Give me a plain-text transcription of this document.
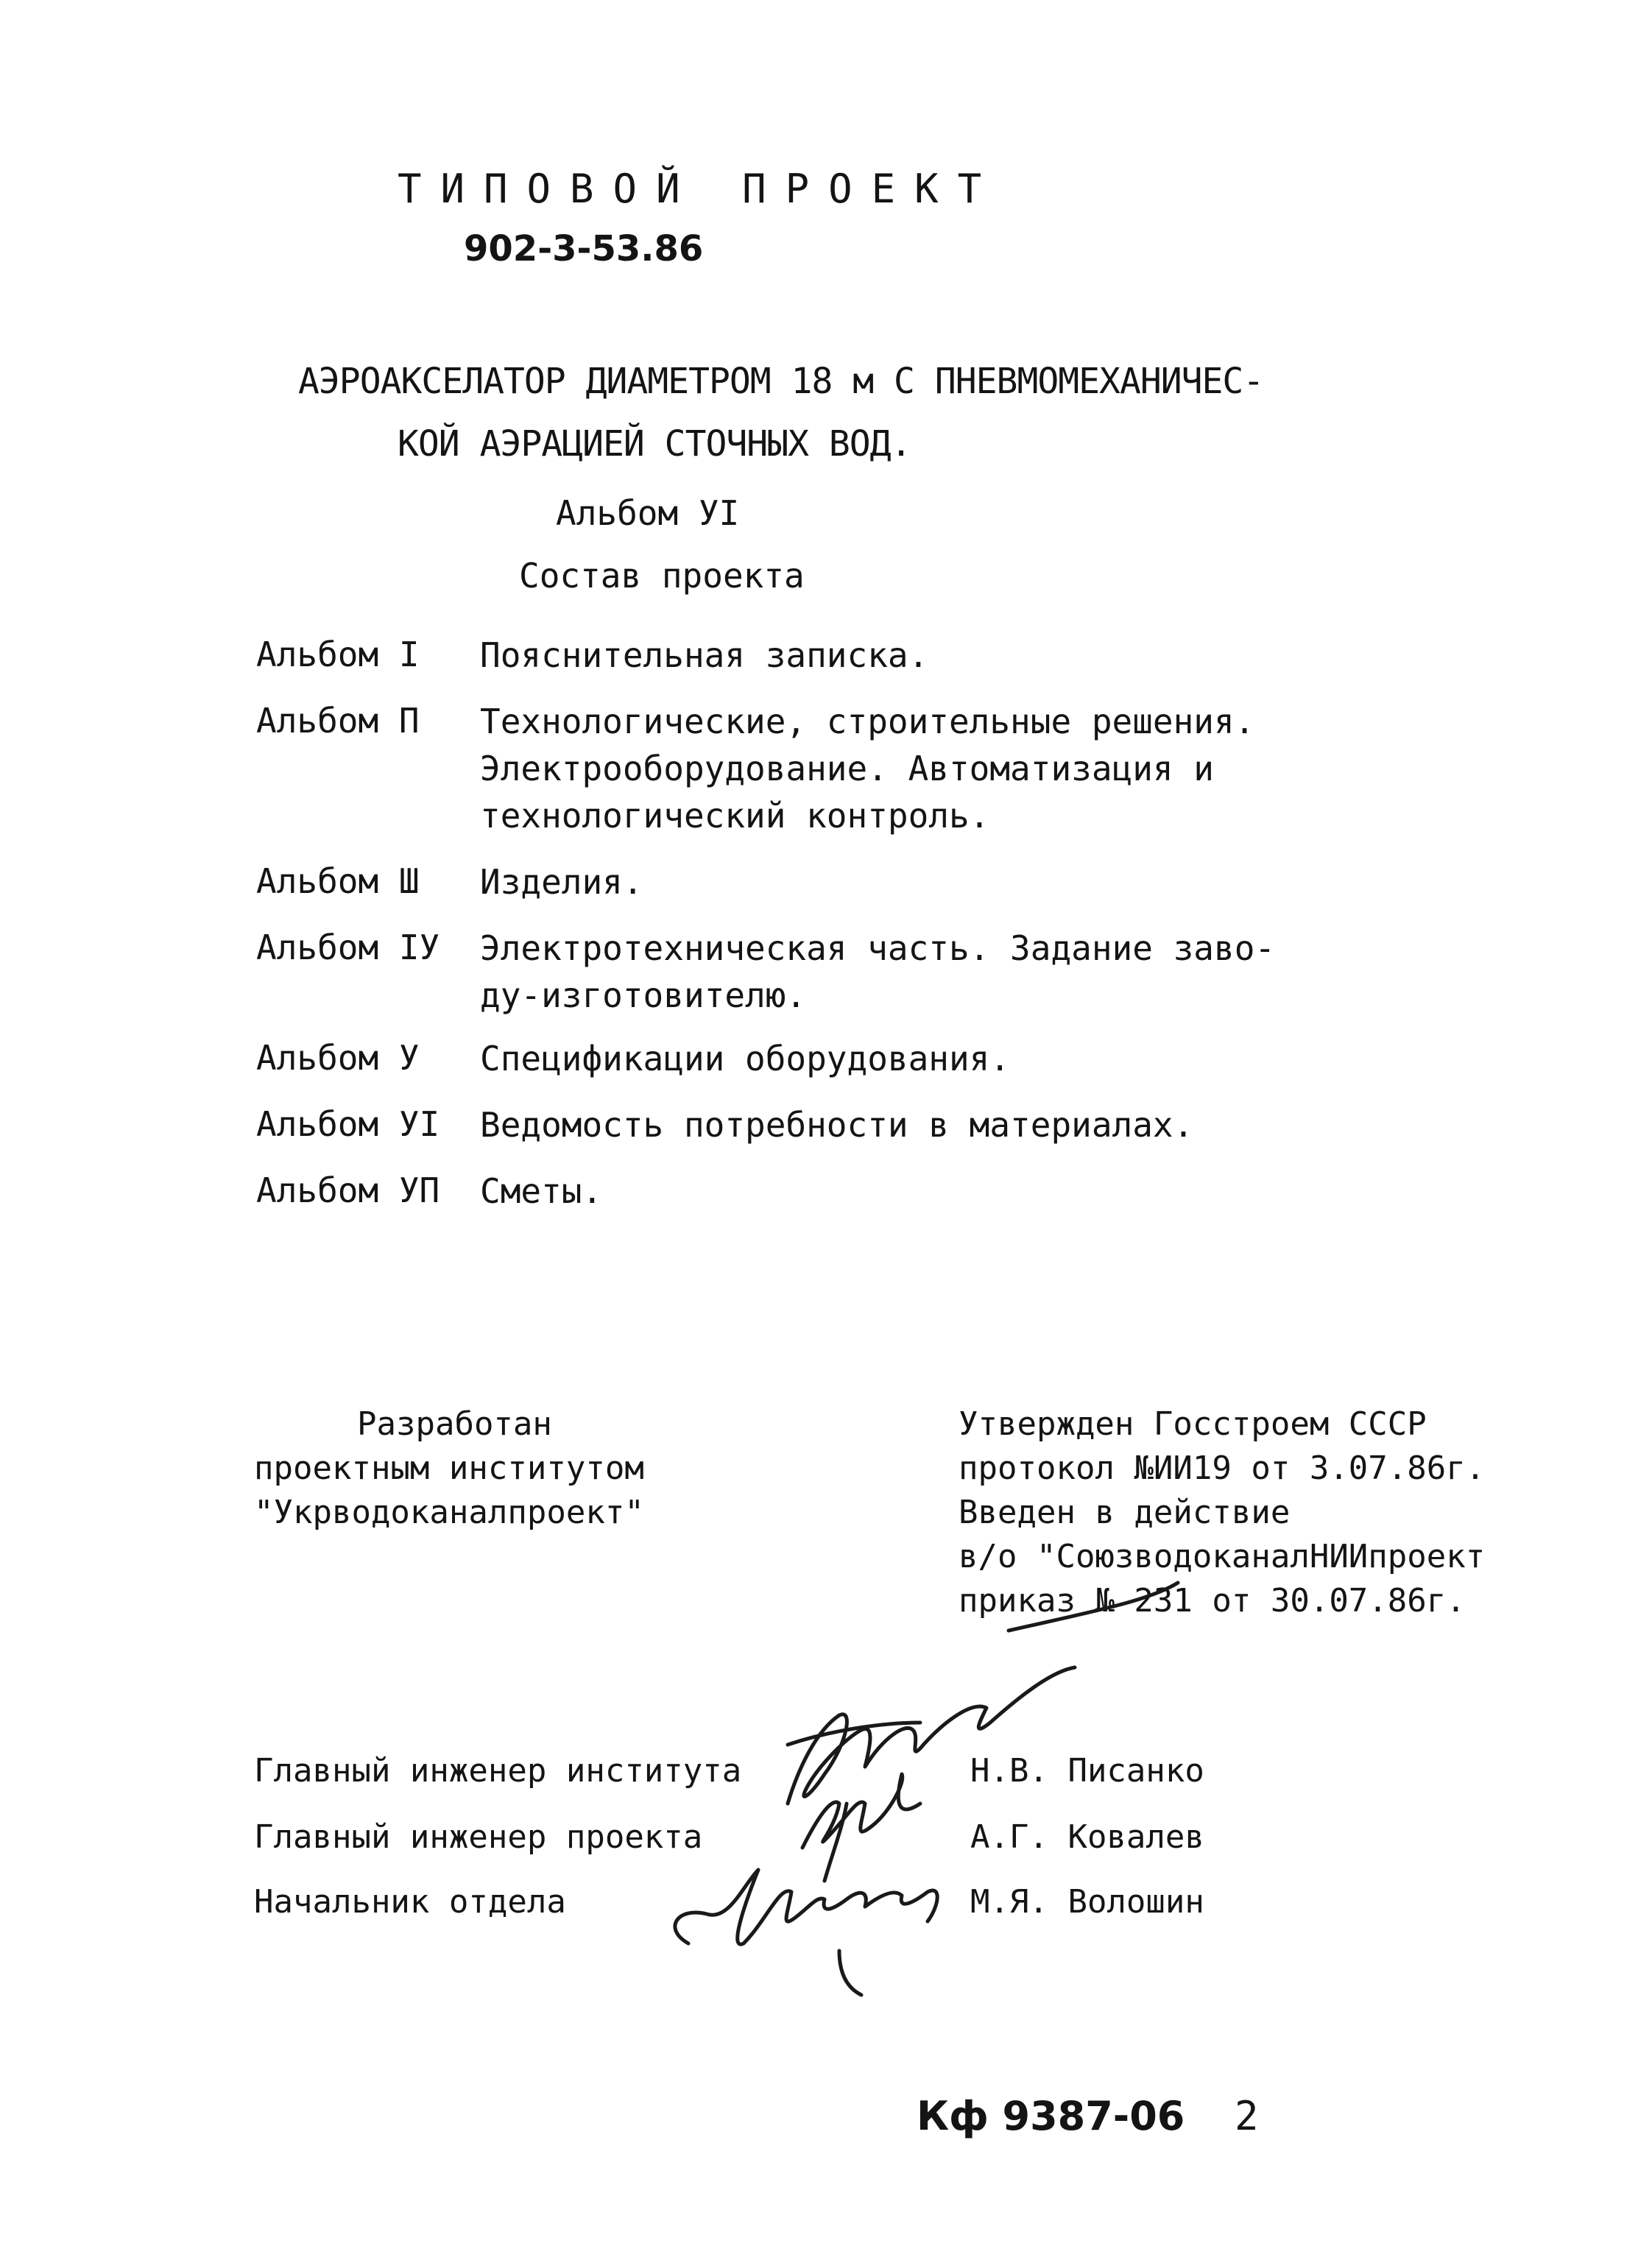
ТИПОВОЙ ПРОЕКТ
902-3-53.86
АЭРОАКСЕЛАТОР ДИАМЕТРОМ 18 м С ПНЕВМОМЕХАНИЧЕС-
КОЙ АЭРАЦИЕЙ СТОЧНЫХ ВОД.
Альбом УI
Состав проекта
Альбом I Пояснительная записка.
Альбом П Технологические, строительные решения.
Электрооборудование. Автоматизация и
технологический контроль.
Альбом Ш Изделия.
Альбом IУ Электротехническая часть. Задание заво-
ду-изготовителю.
Альбом У Спецификации оборудования.
Альбом УI Ведомость потребности в материалах.
Альбом УП Сметы.
Разработан
проектным институтом
"Укрводоканалпроект"
Утвержден Госстроем СССР
протокол №ИИ19 от 3.07.86г.
Введен в действие
в/о "СоюзводоканалНИИпроект
приказ № 231 от 30.07.86г.
Главный инженер института	Н.В. Писанко
Главный инженер проекта	А.Г. Ковалев
Начальник отдела	М.Я. Волошин
Кф 9387-06 2
